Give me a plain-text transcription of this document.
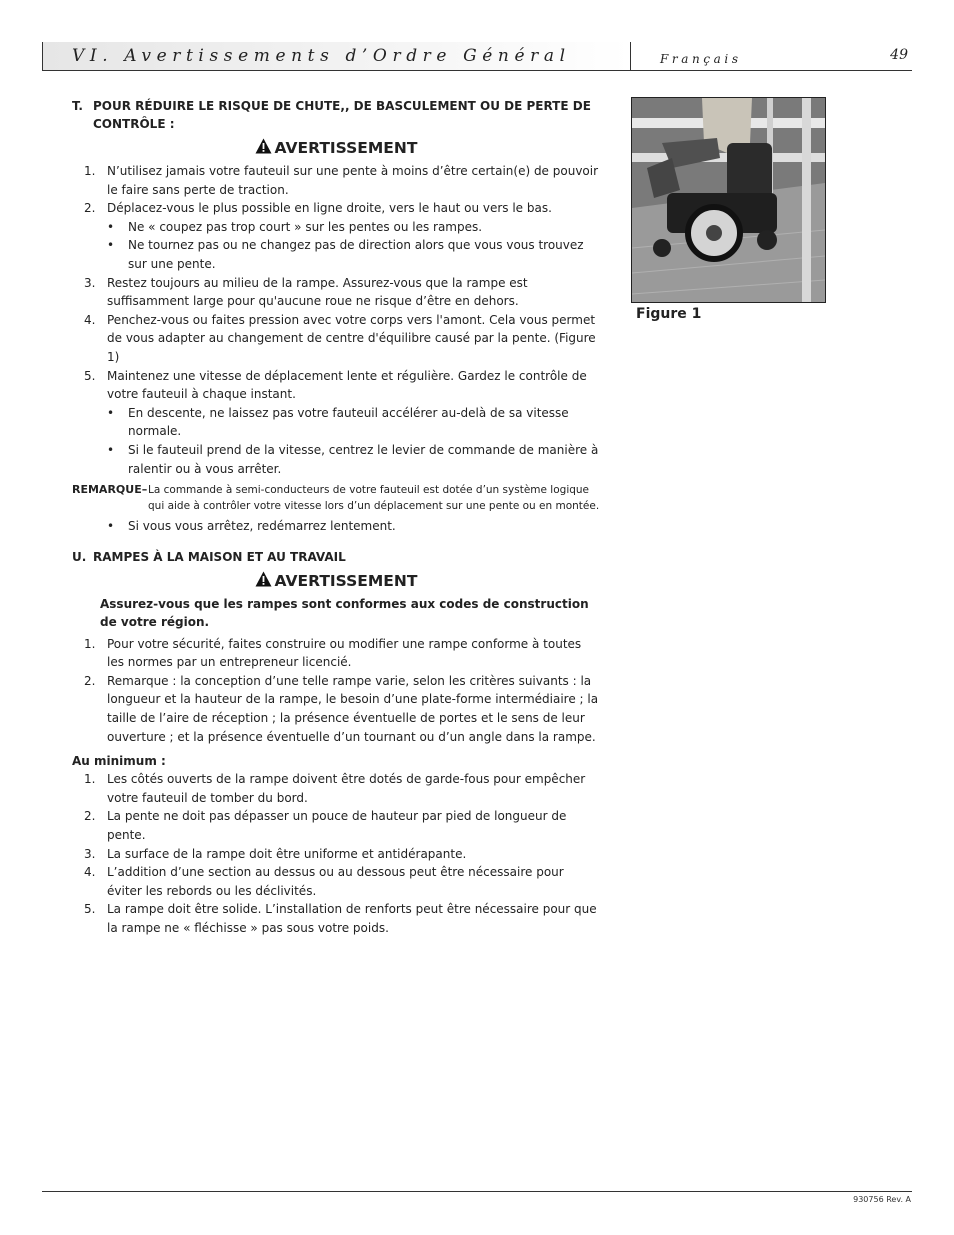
VI. Avertissements d’Ordre Général	Français	49
T. POUR RÉDUIRE LE RISQUE DE CHUTE,, DE BASCULEMENT OU DE PERTE DE CONTRÔLE :
AVERTISSEMENT
1. N’utilisez jamais votre fauteuil sur une pente à moins d’être certain(e) de pouvoir le faire sans perte de traction.
2. Déplacez-vous le plus possible en ligne droite, vers le haut ou vers le bas.
• Ne « coupez pas trop court » sur les pentes ou les rampes.
• Ne tournez pas ou ne changez pas de direction alors que vous vous trouvez sur une pente.
3. Restez toujours au milieu de la rampe. Assurez-vous que la rampe est suffisamment large pour qu'aucune roue ne risque d’être en dehors.
4. Penchez-vous ou faites pression avec votre corps vers l'amont. Cela vous permet de vous adapter au changement de centre d'équilibre causé par la pente. (Figure 1)
5. Maintenez une vitesse de déplacement lente et régulière. Gardez le contrôle de votre fauteuil à chaque instant.
• En descente, ne laissez pas votre fauteuil accélérer au-delà de sa vitesse normale.
• Si le fauteuil prend de la vitesse, centrez le levier de commande de manière à ralentir ou à vous arrêter.
REMARQUE– La commande à semi-conducteurs de votre fauteuil est dotée d’un système logique qui aide à contrôler votre vitesse lors d’un déplacement sur une pente ou en montée.
• Si vous vous arrêtez, redémarrez lentement.
U. RAMPES À LA MAISON ET AU TRAVAIL
AVERTISSEMENT
Assurez-vous que les rampes sont conformes aux codes de construction de votre région.
1. Pour votre sécurité, faites construire ou modifier une rampe conforme à toutes les normes par un entrepreneur licencié.
2. Remarque : la conception d’une telle rampe varie, selon les critères suivants : la longueur et la hauteur de la rampe, le besoin d’une plate-forme intermédiaire ; la taille de l’aire de réception ; la présence éventuelle de portes et le sens de leur ouverture ; et la présence éventuelle d’un tournant ou d’un angle dans la rampe.
Au minimum :
1. Les côtés ouverts de la rampe doivent être dotés de garde-fous pour empêcher votre fauteuil de tomber du bord.
2. La pente ne doit pas dépasser un pouce de hauteur par pied de longueur de pente.
3. La surface de la rampe doit être uniforme et antidérapante.
4. L’addition d’une section au dessus ou au dessous peut être nécessaire pour éviter les rebords ou les déclivités.
5. La rampe doit être solide. L’installation de renforts peut être nécessaire pour que la rampe ne « fléchisse » pas sous votre poids.
Figure 1
930756 Rev. A
